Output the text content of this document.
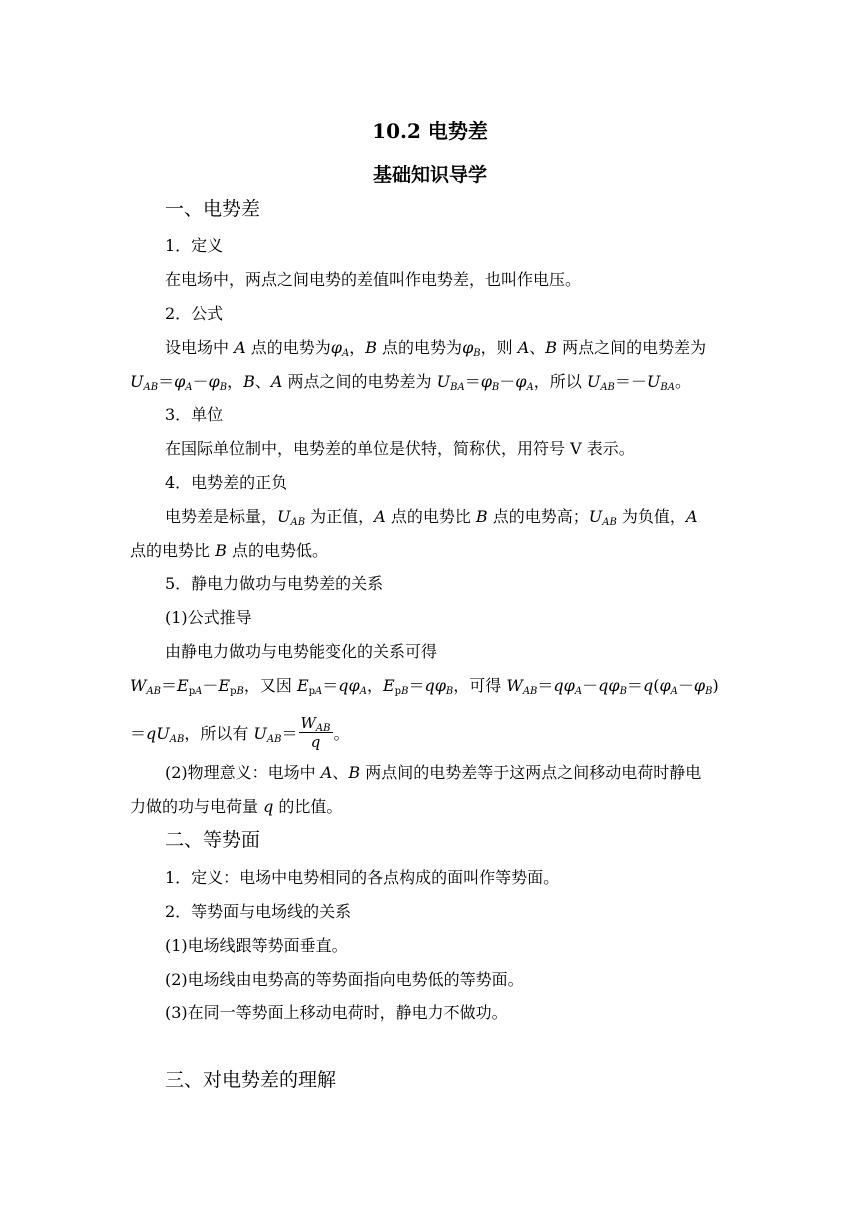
10.2 电势差
基础知识导学
一、电势差
1．定义
在电场中，两点之间电势的差值叫作电势差，也叫作电压。
2．公式
设电场中 A 点的电势为$\varphi_A$，B 点的电势为$\varphi_B$，则 A、B 两点之间的电势差为
$U_{AB}=\varphi_A-\varphi_B$，B、A 两点之间的电势差为 $U_{BA}=\varphi_B-\varphi_A$，所以 $U_{AB}=-U_{BA}$。
3．单位
在国际单位制中，电势差的单位是伏特，简称伏，用符号 V 表示。
4．电势差的正负
电势差是标量，$U_{AB}$ 为正值，A 点的电势比 B 点的电势高；$U_{AB}$ 为负值，A
点的电势比 B 点的电势低。
5．静电力做功与电势差的关系
(1)公式推导
由静电力做功与电势能变化的关系可得
$W_{AB}=E_{pA}-E_{pB}$，又因 $E_{pA}=q\varphi_A$，$E_{pB}=q\varphi_B$，可得 $W_{AB}=q\varphi_A-q\varphi_B=q(\varphi_A-\varphi_B)$
$=qU_{AB}$，所以有 $U_{AB}= \frac{W_{AB}}{q}$ 。
(2)物理意义：电场中 A、B 两点间的电势差等于这两点之间移动电荷时静电
力做的功与电荷量 q 的比值。
二、等势面
1．定义：电场中电势相同的各点构成的面叫作等势面。
2．等势面与电场线的关系
(1)电场线跟等势面垂直。
(2)电场线由电势高的等势面指向电势低的等势面。
(3)在同一等势面上移动电荷时，静电力不做功。
三、对电势差的理解
